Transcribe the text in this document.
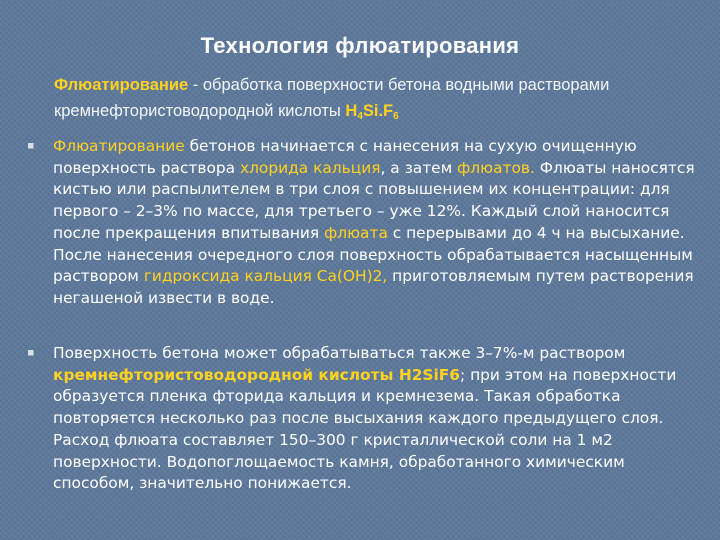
Технология флюатирования
Флюатирование - обработка поверхности бетона водными растворами кремнефтористоводородной кислоты $H_4Si.F_6$
Флюатирование бетонов начинается с нанесения на сухую очищенную поверхность раствора хлорида кальция, а затем флюатов. Флюаты наносятся кистью или распылителем в три слоя с повышением их концентрации: для первого – 2–3% по массе, для третьего – уже 12%. Каждый слой наносится после прекращения впитывания флюата с перерывами до 4 ч на высыхание. После нанесения очередного слоя поверхность обрабатывается насыщенным раствором гидроксида кальция Са(ОН)2, приготовляемым путем растворения негашеной извести в воде.
Поверхность бетона может обрабатываться также 3–7%-м раствором кремнефтористоводородной кислоты H2SiF6; при этом на поверхности образуется пленка фторида кальция и кремнезема. Такая обработка повторяется несколько раз после высыхания каждого предыдущего слоя. Расход флюата составляет 150–300 г кристаллической соли на 1 м2 поверхности. Водопоглощаемость камня, обработанного химическим способом, значительно понижается.
